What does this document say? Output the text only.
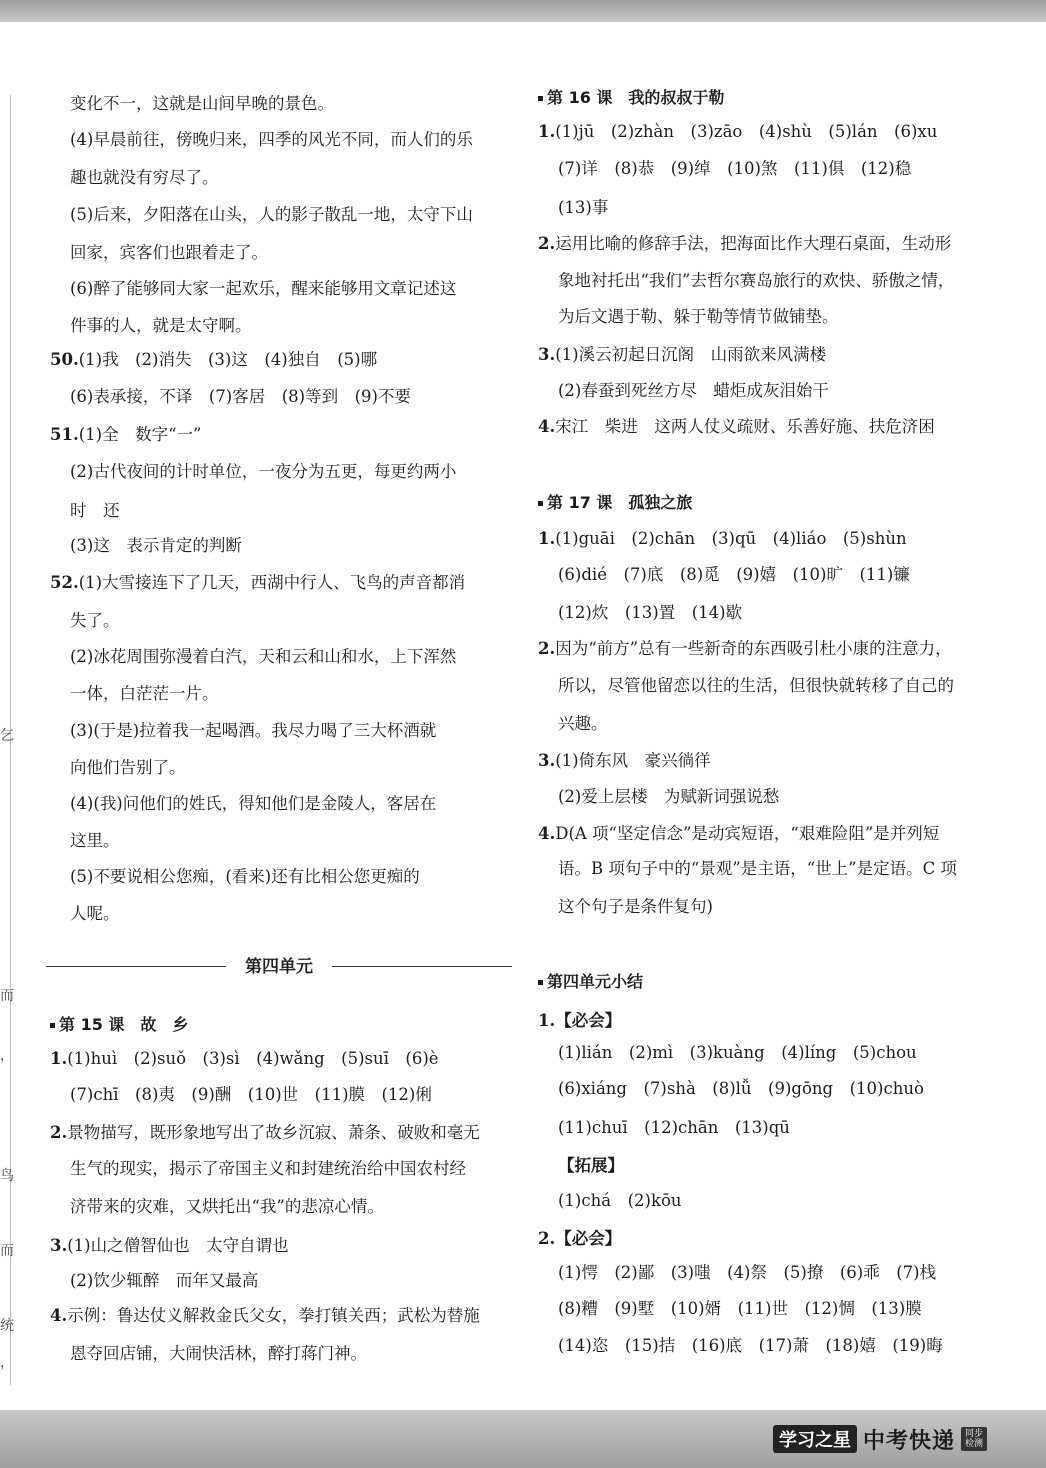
变化不一，这就是山间早晚的景色。
(4)早晨前往，傍晚归来，四季的风光不同，而人们的乐
趣也就没有穷尽了。
(5)后来，夕阳落在山头，人的影子散乱一地，太守下山
回家，宾客们也跟着走了。
(6)醉了能够同大家一起欢乐，醒来能够用文章记述这
件事的人，就是太守啊。
50.(1)我　(2)消失　(3)这　(4)独自　(5)哪
(6)表承接，不译　(7)客居　(8)等到　(9)不要
51.(1)全　数字“一”
(2)古代夜间的计时单位，一夜分为五更，每更约两小
时　还
(3)这　表示肯定的判断
52.(1)大雪接连下了几天，西湖中行人、飞鸟的声音都消
失了。
(2)冰花周围弥漫着白汽，天和云和山和水，上下浑然
一体，白茫茫一片。
(3)(于是)拉着我一起喝酒。我尽力喝了三大杯酒就
向他们告别了。
(4)(我)问他们的姓氏，得知他们是金陵人，客居在
这里。
(5)不要说相公您痴，(看来)还有比相公您更痴的
人呢。
第 15 课　故　乡
1.(1)huì　(2)suǒ　(3)sì　(4)wǎng　(5)suī　(6)è
(7)chī　(8)夷　(9)酬　(10)世　(11)膜　(12)俐
2.景物描写，既形象地写出了故乡沉寂、萧条、破败和毫无
生气的现实，揭示了帝国主义和封建统治给中国农村经
济带来的灾难，又烘托出“我”的悲凉心情。
3.(1)山之僧智仙也　太守自谓也
(2)饮少辄醉　而年又最高
4.示例：鲁达仗义解救金氏父女，拳打镇关西；武松为替施
恩夺回店铺，大闹快活林，醉打蒋门神。
第 16 课　我的叔叔于勒
1.(1)jū　(2)zhàn　(3)zāo　(4)shù　(5)lán　(6)xu
(7)详　(8)恭　(9)绰　(10)煞　(11)俱　(12)稳
(13)事
2.运用比喻的修辞手法，把海面比作大理石桌面，生动形
象地衬托出“我们”去哲尔赛岛旅行的欢快、骄傲之情，
为后文遇于勒、躲于勒等情节做铺垫。
3.(1)溪云初起日沉阁　山雨欲来风满楼
(2)春蚕到死丝方尽　蜡炬成灰泪始干
4.宋江　柴进　这两人仗义疏财、乐善好施、扶危济困
第 17 课　孤独之旅
1.(1)guāi　(2)chān　(3)qū　(4)liáo　(5)shùn
(6)dié　(7)底　(8)觅　(9)嬉　(10)旷　(11)镰
(12)炊　(13)置　(14)歇
2.因为“前方”总有一些新奇的东西吸引杜小康的注意力，
所以，尽管他留恋以往的生活，但很快就转移了自己的
兴趣。
3.(1)倚东风　豪兴徜徉
(2)爱上层楼　为赋新词强说愁
4.D(A 项“坚定信念”是动宾短语，“艰难险阻”是并列短
语。B 项句子中的“景观”是主语，“世上”是定语。C 项
这个句子是条件复句)
第四单元小结
1.【必会】
(1)lián　(2)mì　(3)kuàng　(4)líng　(5)chou
(6)xiáng　(7)shà　(8)lǚ　(9)gōng　(10)chuò
(11)chuī　(12)chān　(13)qū
【拓展】
(1)chá　(2)kōu
2.【必会】
(1)愕　(2)鄙　(3)嗤　(4)祭　(5)撩　(6)乖　(7)栈
(8)糟　(9)墅　(10)婿　(11)世　(12)惆　(13)膜
(14)恣　(15)拮　(16)底　(17)萧　(18)嬉　(19)晦
第四单元
乞
而
，
鸟
而
统
，
学习之星 中考快递	同步检测
